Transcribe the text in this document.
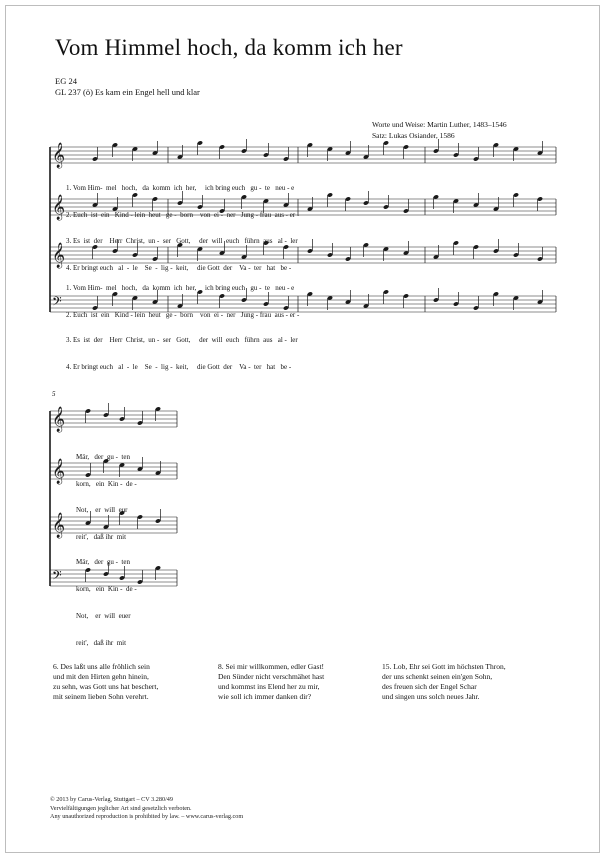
Vom Himmel hoch, da komm ich her
EG 24
GL 237 (ö) Es kam ein Engel hell und klar
Worte und Weise: Martin Luther, 1483–1546
Satz: Lukas Osiander, 1586
𝄞
𝄞
𝄞
𝄢
𝄞
𝄞
𝄞
𝄢

1. Vom Him-  mel   hoch,   da  komm  ich  her,     ich bring euch   gu -  te   neu - e

2. Euch  ist  ein   Kind - lein  heut   ge -  born    von  ei -  ner   Jung - frau  aus - er -

3. Es  ist  der    Herr  Christ,  un -  ser   Gott,     der  will  euch   führn  aus   al -  ler

4. Er bringt euch   al  -  le    Se  -  lig -  keit,     die Gott  der    Va -  ter   hat   be -

1. Vom Him-  mel   hoch,   da  komm  ich  her,     ich bring euch   gu -  te   neu - e

2. Euch  ist  ein   Kind - lein  heut   ge -  born    von  ei -  ner   Jung - frau  aus - er -

3. Es  ist  der    Herr  Christ,  un -  ser   Gott,     der  will  euch   führn  aus   al -  ler

4. Er bringt euch   al  -  le    Se  -  lig -  keit,     die Gott  der    Va -  ter   hat   be -

5

Mär,   der  gu -  ten

korn,   ein  Kin -  de -

Not,    er  will  eur

reit',   daß ihr  mit

Mär,   der  gu -  ten

korn,   ein  Kin -  de -

Not,    er  will  euer

reit',   daß ihr  mit

6. Des laßt uns alle fröhlich sein
und mit den Hirten gehn hinein,
zu sehn, was Gott uns hat beschert,
mit seinem lieben Sohn verehrt.
8. Sei mir willkommen, edler Gast!
Den Sünder nicht verschmähet hast
und kommst ins Elend her zu mir,
wie soll ich immer danken dir?
15. Lob, Ehr sei Gott im höchsten Thron,
der uns schenkt seinen ein'gen Sohn,
des freuen sich der Engel Schar
und singen uns solch neues Jahr.
© 2013 by Carus-Verlag, Stuttgart – CV 3.280/49
Vervielfältigungen jeglicher Art sind gesetzlich verboten.
Any unauthorized reproduction is prohibited by law. – www.carus-verlag.com
